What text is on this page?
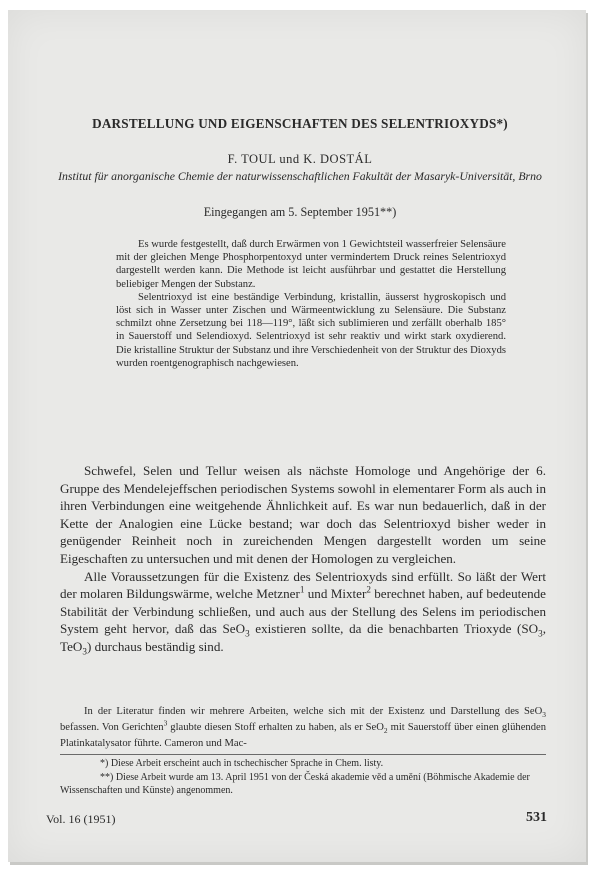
DARSTELLUNG UND EIGENSCHAFTEN DES SELENTRIOXYDS*)
F. TOUL und K. DOSTÁL
Institut für anorganische Chemie der naturwissenschaftlichen Fakultät der Masaryk-Universität, Brno
Eingegangen am 5. September 1951**)

Es wurde festgestellt, daß durch Erwärmen von 1 Gewichtsteil wasserfreier Selensäure mit der gleichen Menge Phosphorpentoxyd unter vermindertem Druck reines Selentrioxyd dargestellt werden kann. Die Methode ist leicht ausführbar und gestattet die Herstellung beliebiger Mengen der Substanz.

Selentrioxyd ist eine beständige Verbindung, kristallin, äusserst hygroskopisch und löst sich in Wasser unter Zischen und Wärmeentwicklung zu Selensäure. Die Substanz schmilzt ohne Zersetzung bei 118—119°, läßt sich sublimieren und zerfällt oberhalb 185° in Sauerstoff und Selendioxyd. Selentrioxyd ist sehr reaktiv und wirkt stark oxydierend. Die kristalline Struktur der Substanz und ihre Verschiedenheit von der Struktur des Dioxyds wurden roentgenographisch nachgewiesen.

Schwefel, Selen und Tellur weisen als nächste Homologe und Angehörige der 6. Gruppe des Mendelejeffschen periodischen Systems sowohl in elementarer Form als auch in ihren Verbindungen eine weitgehende Ähnlichkeit auf. Es war nun bedauerlich, daß in der Kette der Analogien eine Lücke bestand; war doch das Selentrioxyd bisher weder in genügender Reinheit noch in zureichenden Mengen dargestellt worden um seine Eigeschaften zu untersuchen und mit denen der Homologen zu vergleichen.

Alle Voraussetzungen für die Existenz des Selentrioxyds sind erfüllt. So läßt der Wert der molaren Bildungswärme, welche Metzner$^1$ und Mixter$^2$ berechnet haben, auf bedeutende Stabilität der Verbindung schließen, und auch aus der Stellung des Selens im periodischen System geht hervor, daß das SeO$_3$ existieren sollte, da die benachbarten Trioxyde ($SO_3$, TeO$_3$) durchaus beständig sind.

In der Literatur finden wir mehrere Arbeiten, welche sich mit der Existenz und Darstellung des SeO$_3$ befassen. Von Gerichten$^3$ glaubte diesen Stoff erhalten zu haben, als er SeO$_2$ mit Sauerstoff über einen glühenden Platinkatalysator führte. Cameron und Mac-

*) Diese Arbeit erscheint auch in tschechischer Sprache in Chem. listy.

**) Diese Arbeit wurde am 13. April 1951 von der Česká akademie věd a umění (Böhmische Akademie der Wissenschaften und Künste) angenommen.

Vol. 16 (1951)	531
